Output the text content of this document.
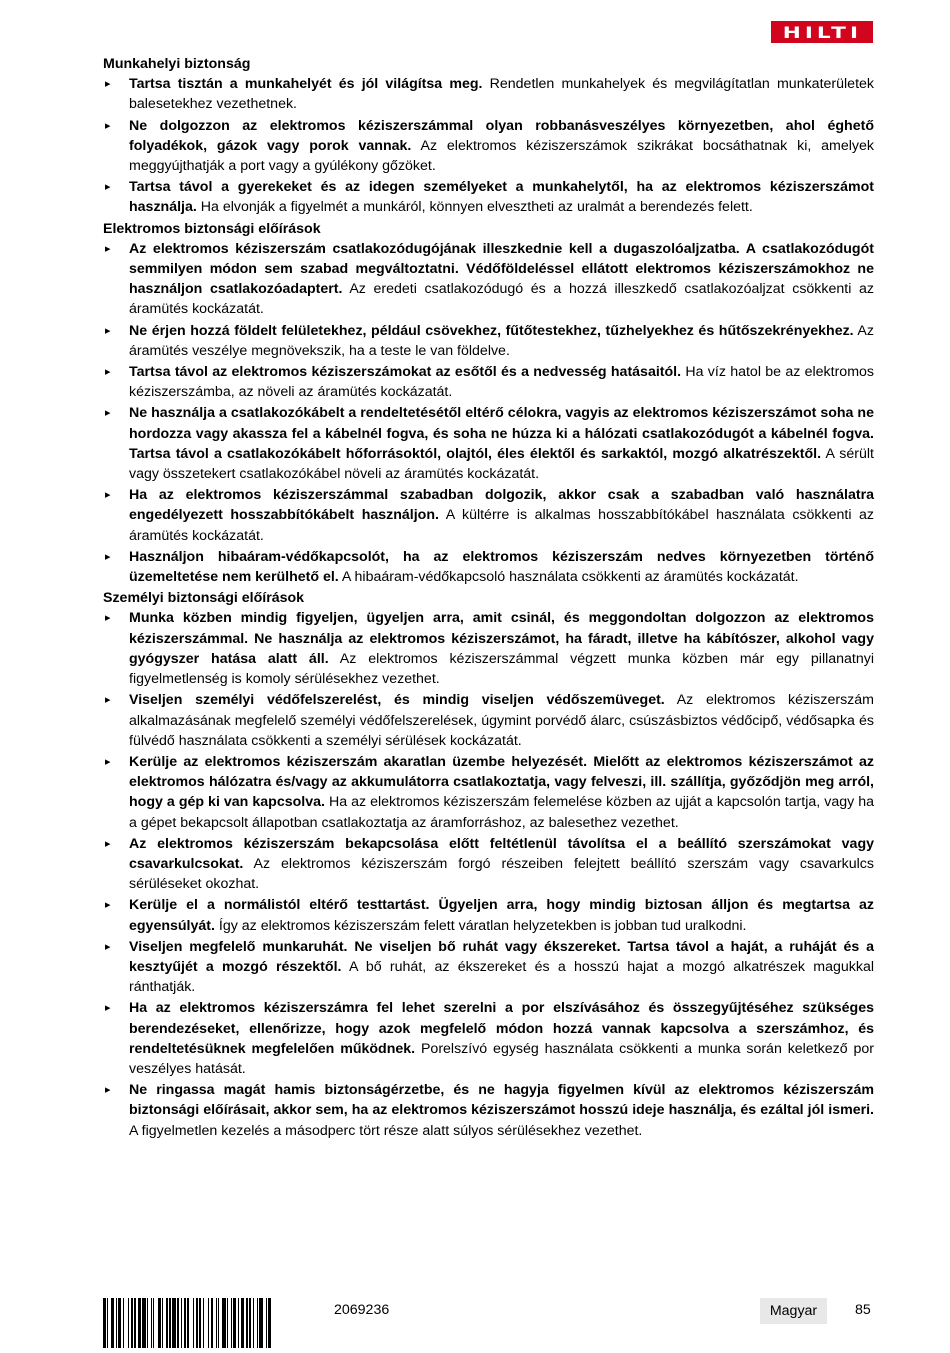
HILTI

Munkahelyi biztonság

▸ Tartsa tisztán a munkahelyét és jól világítsa meg. Rendetlen munkahelyek és megvilágítatlan munkaterületek balesetekhez vezethetnek.
▸ Ne dolgozzon az elektromos kéziszerszámmal olyan robbanásveszélyes környezetben, ahol éghető folyadékok, gázok vagy porok vannak. Az elektromos kéziszerszámok szikrákat bocsáthatnak ki, amelyek meggyújthatják a port vagy a gyúlékony gőzöket.
▸ Tartsa távol a gyerekeket és az idegen személyeket a munkahelytől, ha az elektromos kéziszerszámot használja. Ha elvonják a figyelmét a munkáról, könnyen elvesztheti az uralmát a berendezés felett.

Elektromos biztonsági előírások

▸ Az elektromos kéziszerszám csatlakozódugójának illeszkednie kell a dugaszolóaljzatba. A csatlakozódugót semmilyen módon sem szabad megváltoztatni. Védőföldeléssel ellátott elektromos kéziszerszámokhoz ne használjon csatlakozóadaptert. Az eredeti csatlakozódugó és a hozzá illeszkedő csatlakozóaljzat csökkenti az áramütés kockázatát.
▸ Ne érjen hozzá földelt felületekhez, például csövekhez, fűtőtestekhez, tűzhelyekhez és hűtőszekrényekhez. Az áramütés veszélye megnövekszik, ha a teste le van földelve.
▸ Tartsa távol az elektromos kéziszerszámokat az esőtől és a nedvesség hatásaitól. Ha víz hatol be az elektromos kéziszerszámba, az növeli az áramütés kockázatát.
▸ Ne használja a csatlakozókábelt a rendeltetésétől eltérő célokra, vagyis az elektromos kéziszerszámot soha ne hordozza vagy akassza fel a kábelnél fogva, és soha ne húzza ki a hálózati csatlakozódugót a kábelnél fogva. Tartsa távol a csatlakozókábelt hőforrásoktól, olajtól, éles élektől és sarkaktól, mozgó alkatrészektől. A sérült vagy összetekert csatlakozókábel növeli az áramütés kockázatát.
▸ Ha az elektromos kéziszerszámmal szabadban dolgozik, akkor csak a szabadban való használatra engedélyezett hosszabbítókábelt használjon. A kültérre is alkalmas hosszabbítókábel használata csökkenti az áramütés kockázatát.
▸ Használjon hibaáram-védőkapcsolót, ha az elektromos kéziszerszám nedves környezetben történő üzemeltetése nem kerülhető el. A hibaáram-védőkapcsoló használata csökkenti az áramütés kockázatát.

Személyi biztonsági előírások

▸ Munka közben mindig figyeljen, ügyeljen arra, amit csinál, és meggondoltan dolgozzon az elektromos kéziszerszámmal. Ne használja az elektromos kéziszerszámot, ha fáradt, illetve ha kábítószer, alkohol vagy gyógyszer hatása alatt áll. Az elektromos kéziszerszámmal végzett munka közben már egy pillanatnyi figyelmetlenség is komoly sérülésekhez vezethet.
▸ Viseljen személyi védőfelszerelést, és mindig viseljen védőszemüveget. Az elektromos kéziszerszám alkalmazásának megfelelő személyi védőfelszerelések, úgymint porvédő álarc, csúszásbiztos védőcipő, védősapka és fülvédő használata csökkenti a személyi sérülések kockázatát.
▸ Kerülje az elektromos kéziszerszám akaratlan üzembe helyezését. Mielőtt az elektromos kéziszerszámot az elektromos hálózatra és/vagy az akkumulátorra csatlakoztatja, vagy felveszi, ill. szállítja, győződjön meg arról, hogy a gép ki van kapcsolva. Ha az elektromos kéziszerszám felemelése közben az ujját a kapcsolón tartja, vagy ha a gépet bekapcsolt állapotban csatlakoztatja az áramforráshoz, az balesethez vezethet.
▸ Az elektromos kéziszerszám bekapcsolása előtt feltétlenül távolítsa el a beállító szerszámokat vagy csavarkulcsokat. Az elektromos kéziszerszám forgó részeiben felejtett beállító szerszám vagy csavarkulcs sérüléseket okozhat.
▸ Kerülje el a normálistól eltérő testtartást. Ügyeljen arra, hogy mindig biztosan álljon és megtartsa az egyensúlyát. Így az elektromos kéziszerszám felett váratlan helyzetekben is jobban tud uralkodni.
▸ Viseljen megfelelő munkaruhát. Ne viseljen bő ruhát vagy ékszereket. Tartsa távol a haját, a ruháját és a kesztyűjét a mozgó részektől. A bő ruhát, az ékszereket és a hosszú hajat a mozgó alkatrészek magukkal ránthatják.
▸ Ha az elektromos kéziszerszámra fel lehet szerelni a por elszívásához és összegyűjtéséhez szükséges berendezéseket, ellenőrizze, hogy azok megfelelő módon hozzá vannak kapcsolva a szerszámhoz, és rendeltetésüknek megfelelően működnek. Porelszívó egység használata csökkenti a munka során keletkező por veszélyes hatását.
▸ Ne ringassa magát hamis biztonságérzetbe, és ne hagyja figyelmen kívül az elektromos kéziszerszám biztonsági előírásait, akkor sem, ha az elektromos kéziszerszámot hosszú ideje használja, és ezáltal jól ismeri. A figyelmetlen kezelés a másodperc tört része alatt súlyos sérülésekhez vezethet.
2069236	Magyar	85
